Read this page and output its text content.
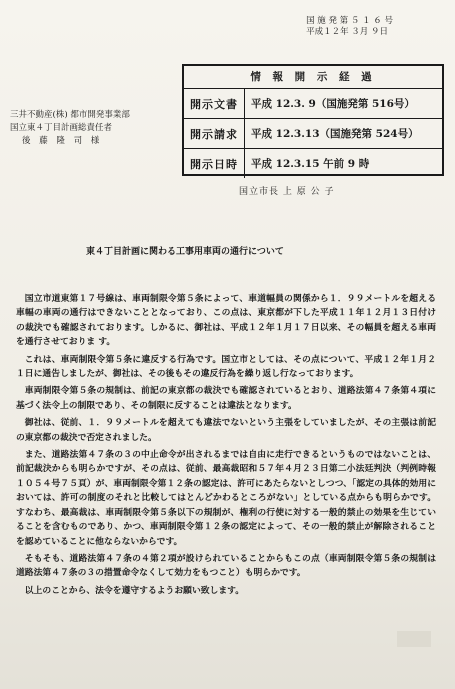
国 施 発 第 ５ １ ６ 号
平成１２年 ３月 ９日
情 報 開 示 経 過
開示文書	平成 12.3. 9（国施発第 516号）
開示請求	平成 12.3.13（国施発第 524号）
開示日時	平成 12.3.15 午前 9 時
三井不動産(株) 都市開発事業部
国立東４丁目計画総責任者
後 藤 隆 司 様
国立市長 上 原 公 子
東４丁目計画に関わる工事用車両の通行について

国立市道東第１７号線は、車両制限令第５条によって、車道幅員の関係から１．９９メートルを超える車幅の車両の通行はできないこととなっており、この点は、東京都が下した平成１１年１２月１３日付けの裁決でも確認されております。しかるに、御社は、平成１２年１月１７日以来、その幅員を超える車両を通行させておりま す。

これは、車両制限令第５条に違反する行為です。国立市としては、その点について、平成１２年１月２１日に通告しましたが、御社は、その後もその違反行為を繰り返し行なっております。

車両制限令第５条の規制は、前記の東京都の裁決でも確認されているとおり、道路法第４７条第４項に基づく法令上の制限であり、その制限に反することは違法となります。

御社は、従前、１．９９メートルを超えても違法でないという主張をしていましたが、その主張は前記の東京都の裁決で否定されました。

また、道路法第４７条の３の中止命令が出されるまでは自由に走行できるというものではないことは、前記裁決からも明らかですが、その点は、従前、最高裁昭和５７年４月２３日第二小法廷判決（判例時報１０５４号７５頁）が、車両制限令第１２条の認定は、許可にあたらないとしつつ、「認定の具体的効用においては、許可の制度のそれと比較してはとんどかわるところがない」としている点からも明らかです。すなわち、最高裁は、車両制限令第５条以下の規制が、権利の行使に対する一般的禁止の効果を生じていることを含むものであり、かつ、車両制限令第１２条の認定によって、その一般的禁止が解除されることを認めていることに他ならないからです。

そもそも、道路法第４７条の４第２項が設けられていることからもこの点（車両制限令第５条の規制は道路法第４７条の３の措置命令なくして効力をもつこと）も明らかです。

以上のことから、法令を遵守するようお願い致します。
